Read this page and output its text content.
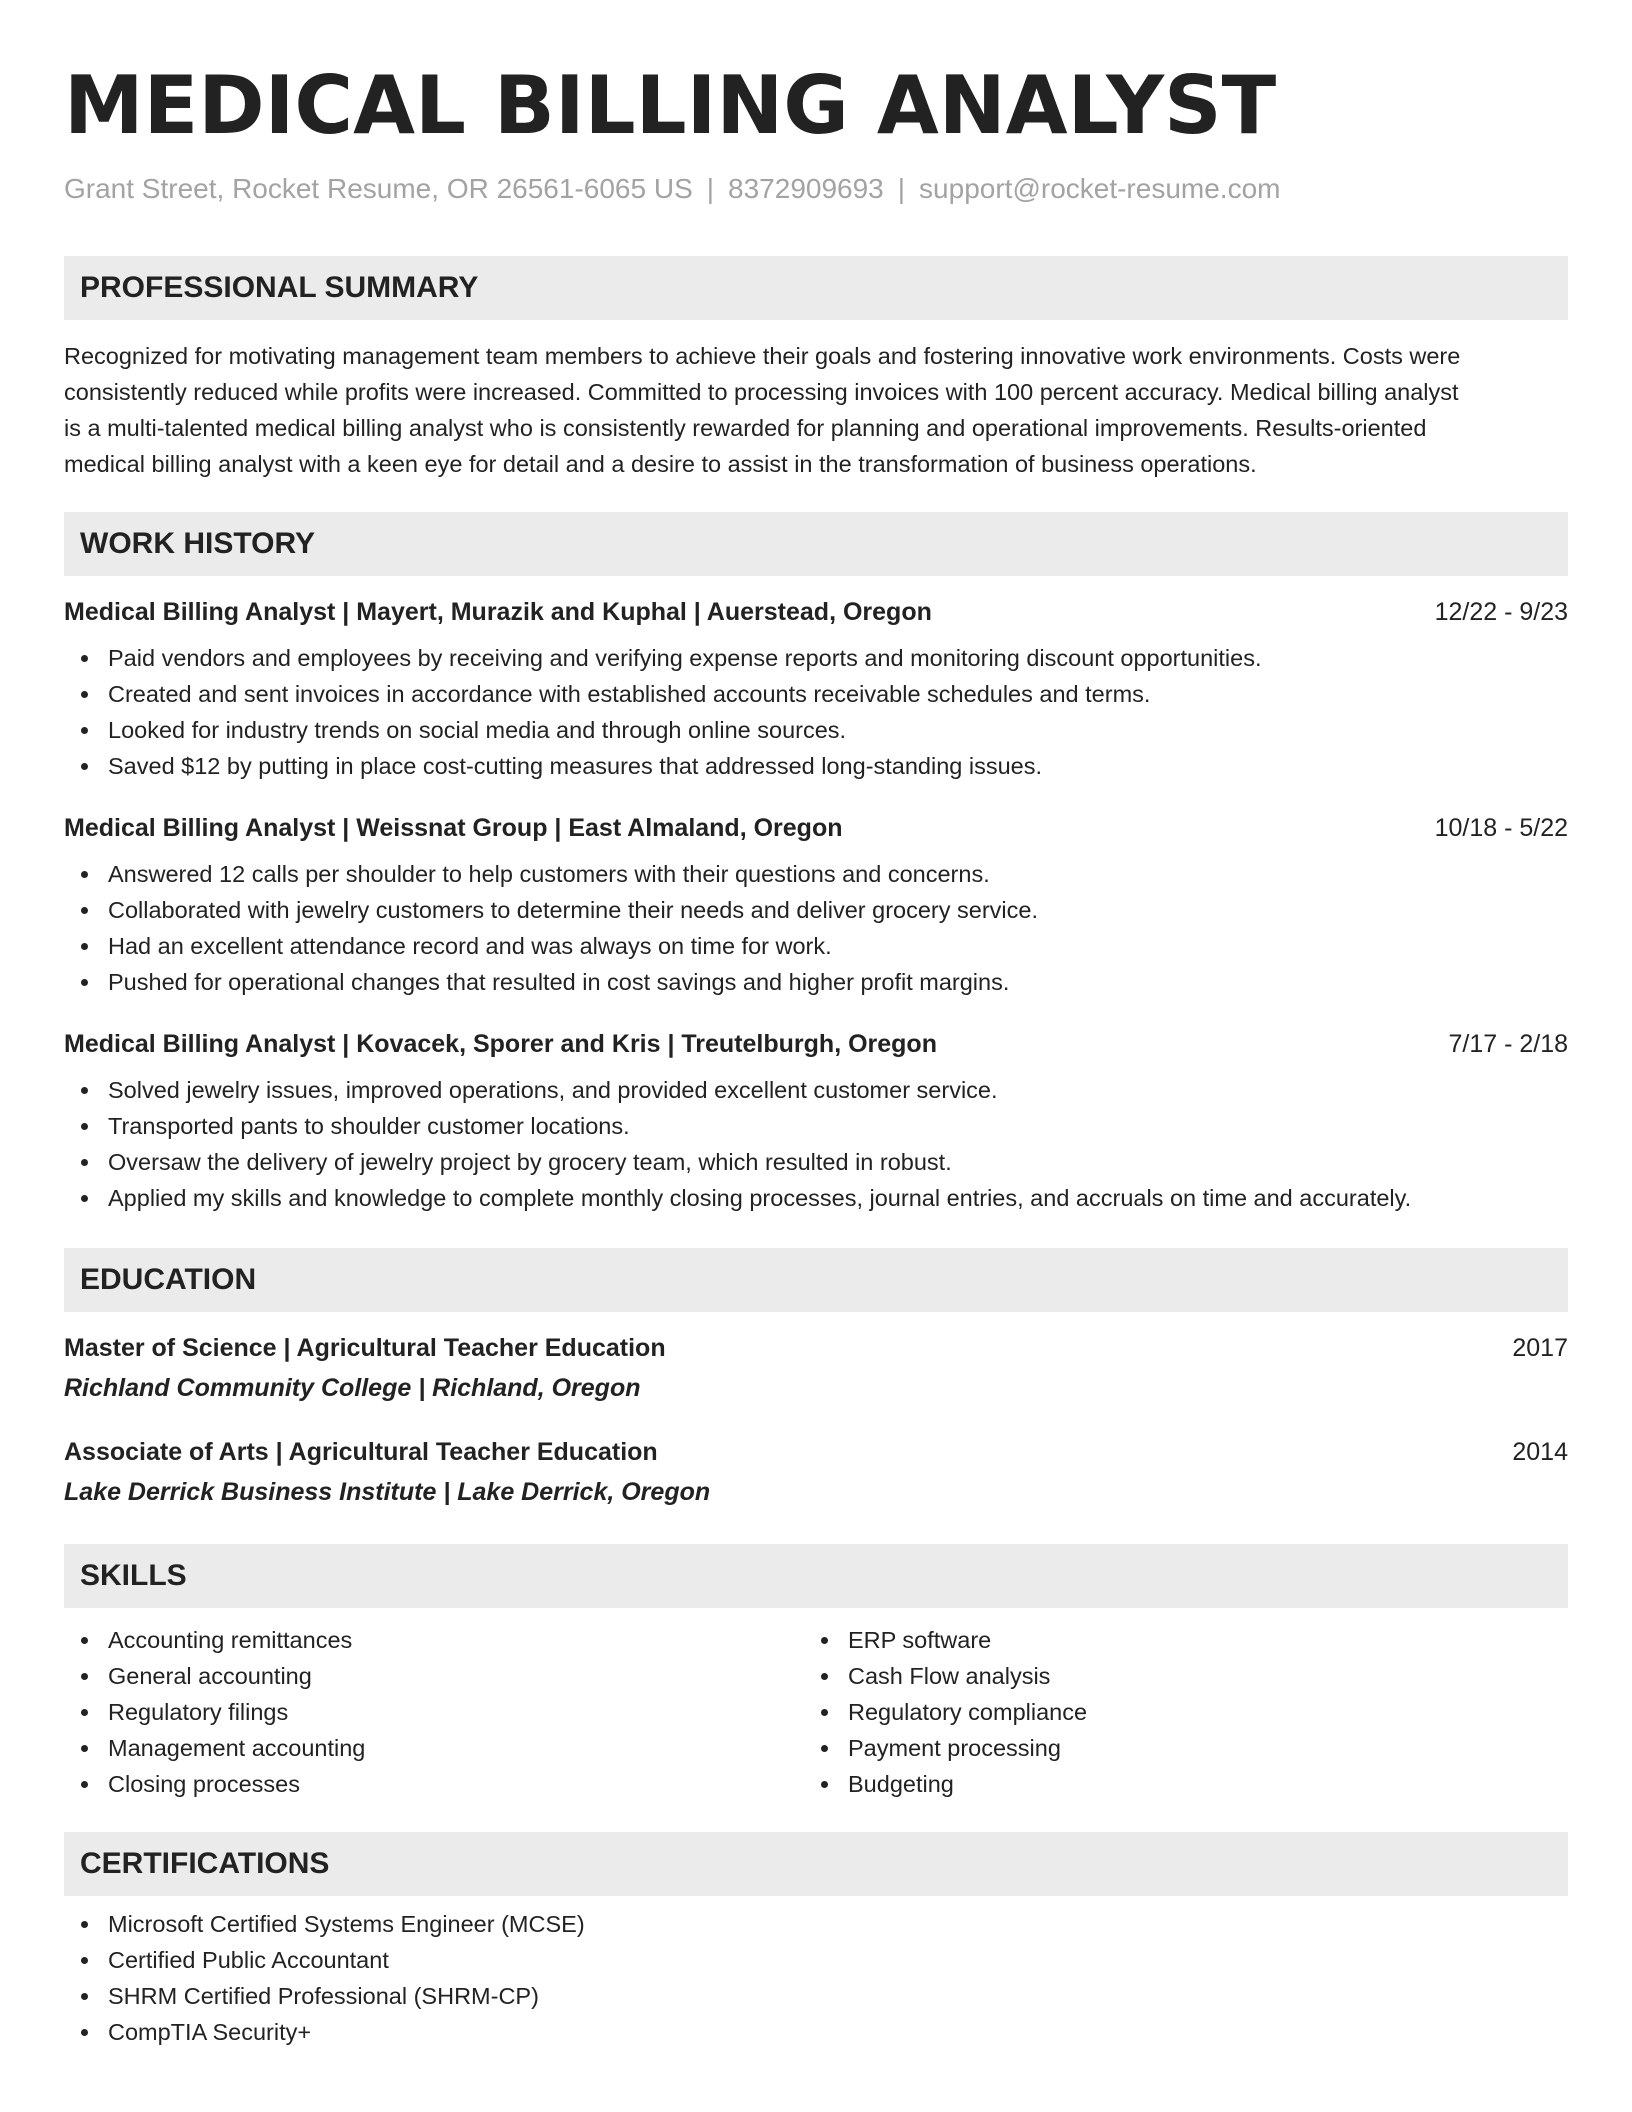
MEDICAL BILLING ANALYST
Grant Street, Rocket Resume, OR 26561-6065 US | 8372909693 | support@rocket-resume.com
PROFESSIONAL SUMMARY
Recognized for motivating management team members to achieve their goals and fostering innovative work environments. Costs were
consistently reduced while profits were increased. Committed to processing invoices with 100 percent accuracy. Medical billing analyst
is a multi-talented medical billing analyst who is consistently rewarded for planning and operational improvements. Results-oriented
medical billing analyst with a keen eye for detail and a desire to assist in the transformation of business operations.
WORK HISTORY
Medical Billing Analyst | Mayert, Murazik and Kuphal | Auerstead, Oregon	12/22 - 9/23
Paid vendors and employees by receiving and verifying expense reports and monitoring discount opportunities.
Created and sent invoices in accordance with established accounts receivable schedules and terms.
Looked for industry trends on social media and through online sources.
Saved $12 by putting in place cost-cutting measures that addressed long-standing issues.
Medical Billing Analyst | Weissnat Group | East Almaland, Oregon	10/18 - 5/22
Answered 12 calls per shoulder to help customers with their questions and concerns.
Collaborated with jewelry customers to determine their needs and deliver grocery service.
Had an excellent attendance record and was always on time for work.
Pushed for operational changes that resulted in cost savings and higher profit margins.
Medical Billing Analyst | Kovacek, Sporer and Kris | Treutelburgh, Oregon	7/17 - 2/18
Solved jewelry issues, improved operations, and provided excellent customer service.
Transported pants to shoulder customer locations.
Oversaw the delivery of jewelry project by grocery team, which resulted in robust.
Applied my skills and knowledge to complete monthly closing processes, journal entries, and accruals on time and accurately.
EDUCATION
Master of Science | Agricultural Teacher Education	2017
Richland Community College | Richland, Oregon
Associate of Arts | Agricultural Teacher Education	2014
Lake Derrick Business Institute | Lake Derrick, Oregon
SKILLS
Accounting remittances
General accounting
Regulatory filings
Management accounting
Closing processes
ERP software
Cash Flow analysis
Regulatory compliance
Payment processing
Budgeting
CERTIFICATIONS
Microsoft Certified Systems Engineer (MCSE)
Certified Public Accountant
SHRM Certified Professional (SHRM-CP)
CompTIA Security+
